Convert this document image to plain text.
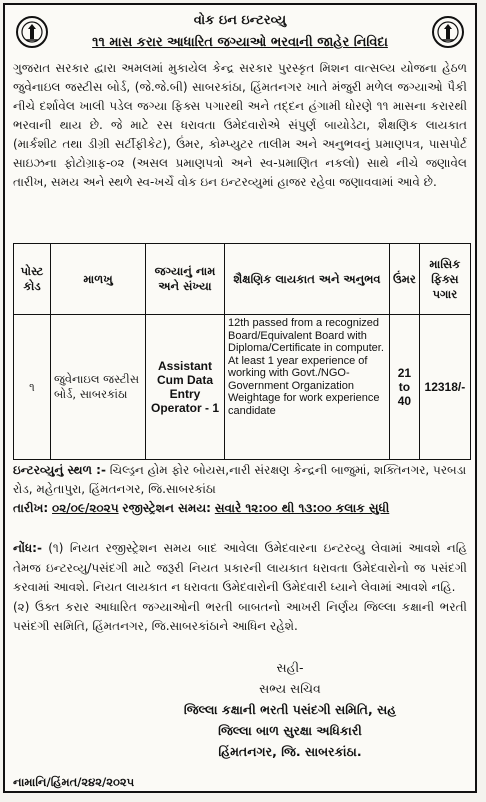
વોક ઇન ઇન્ટરવ્યુ
૧૧ માસ કરાર આધારિત જગ્યાઓ ભરવાની જાહેર નિવિદા
ગુજરાત સરકાર દ્વારા અમલમાં મુકાયેલ કેન્દ્ર સરકાર પુરસ્કૃત મિશન વાત્સલ્ય યોજના હેઠળ જુવેનાઇલ જસ્ટીસ બોર્ડ, (જે.જે.બી) સાબરકાંઠા, હિંમતનગર ખાતે મંજુરી મળેલ જગ્યાઓ પૈકી નીચે દર્શાવેલ ખાલી પડેલ જગ્યા ફિક્સ પગારથી અને તદ્દન હંગામી ધોરણે ૧૧ માસના કરારથી ભરવાની થાય છે. જે માટે રસ ધરાવતા ઉમેદવારોએ સંપુર્ણ બાયોડેટા, શૈક્ષણિક લાયકાત (માર્કશીટ તથા ડીગ્રી સર્ટીફીકેટ), ઉંમર, કોમ્પ્યુટર તાલીમ અને અનુભવનું પ્રમાણપત્ર, પાસપોર્ટ સાઇઝના ફોટોગ્રાફ-૦૨ (અસલ પ્રમાણપત્રો અને સ્વ-પ્રમાણિત નકલો) સાથે નીચે જણાવેલ તારીખ, સમય અને સ્થળે સ્વ-ખર્ચે વોક ઇન ઇન્ટરવ્યુમાં હાજર રહેવા જણાવવામાં આવે છે.
પોસ્ટ કોડ	માળખુ	જગ્યાનું નામ અને સંખ્યા	શૈક્ષણિક લાયકાત અને અનુભવ	ઉંમર	માસિક ફિક્સ પગાર
૧	જુવેનાઇલ જસ્ટીસ બોર્ડ, સાબરકાંઠા	Assistant Cum Data Entry Operator - 1	12th passed from a recognized Board/Equivalent Board with Diploma/Certificate in computer. At least 1 year experience of working with Govt./NGO-Government Organization Weightage for work experience candidate	21 to 40	12318/-
ઇન્ટરવ્યુનું સ્થળ :- ચિલ્ડ્રન હોમ ફોર બોયસ,નારી સંરક્ષણ કેન્દ્રની બાજુમાં, શક્તિનગર, પરબડા રોડ, મહેતાપુરા, હિંમતનગર, જિ.સાબરકાંઠા
તારીખ: ૦૨/૦૯/૨૦૨૫ રજીસ્ટ્રેશન સમય: સવારે ૧૨:૦૦ થી ૧૩:૦૦ કલાક સુધી
નોંધ:- (૧) નિયત રજીસ્ટ્રેશન સમય બાદ આવેલા ઉમેદવારના ઇન્ટરવ્યુ લેવામાં આવશે નહિ તેમજ ઇન્ટરવ્યુ/પસંદગી માટે જરૂરી નિયત પ્રકારની લાયકાત ધરાવતા ઉમેદવારોનો જ પસંદગી કરવામાં આવશે. નિયત લાયકાત ન ધરાવતા ઉમેદવારોની ઉમેદવારી ધ્યાને લેવામાં આવશે નહિ.
(૨) ઉક્ત કરાર આધારિત જગ્યાઓની ભરતી બાબતનો આખરી નિર્ણય જિલ્લા કક્ષાની ભરતી પસંદગી સમિતિ, હિંમતનગર, જિ.સાબરકાંઠાને આધિન રહેશે.
સહી-
સભ્ય સચિવ
જિલ્લા કક્ષાની ભરતી પસંદગી સમિતિ, સહ
જિલ્લા બાળ સુરક્ષા અધિકારી
હિંમતનગર, જિ. સાબરકાંઠા.
નામાનિ/હિંમત/૨૪૨/૨૦૨૫
